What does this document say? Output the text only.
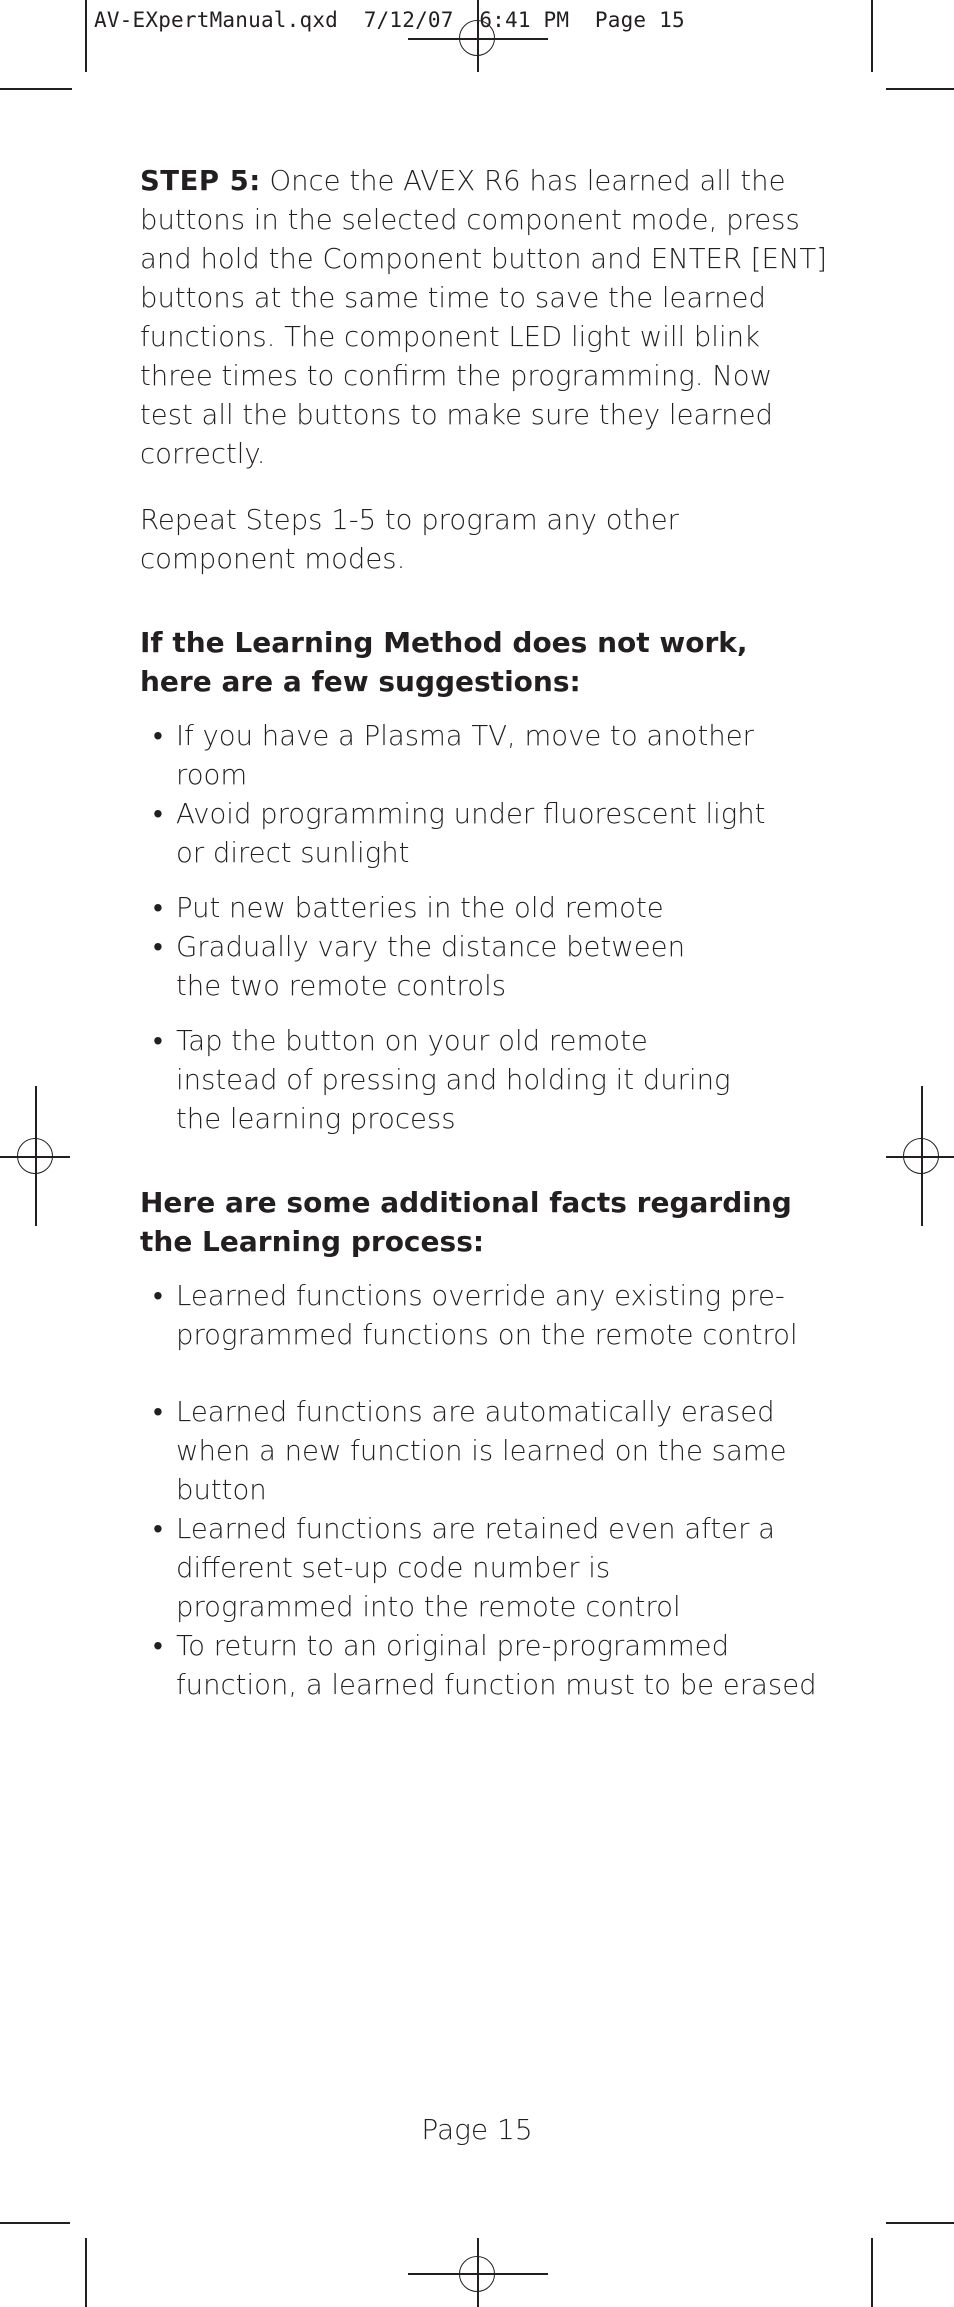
AV-EXpertManual.qxd 7/12/07 6:41 PM Page 15

STEP 5: Once the AVEX R6 has learned all the buttons in the selected component mode, press and hold the Component button and ENTER [ENT] buttons at the same time to save the learned functions. The component LED light will blink three times to confirm the programming. Now test all the buttons to make sure they learned correctly.

Repeat Steps 1-5 to program any other component modes.

If the Learning Method does not work, here are a few suggestions:
• If you have a Plasma TV, move to another room
• Avoid programming under fluorescent light or direct sunlight
• Put new batteries in the old remote
• Gradually vary the distance between the two remote controls
• Tap the button on your old remote instead of pressing and holding it during the learning process
Here are some additional facts regarding the Learning process:
• Learned functions override any existing pre-programmed functions on the remote control
• Learned functions are automatically erased when a new function is learned on the same button
• Learned functions are retained even after a different set-up code number is programmed into the remote control
• To return to an original pre-programmed function, a learned function must to be erased
Page 15
